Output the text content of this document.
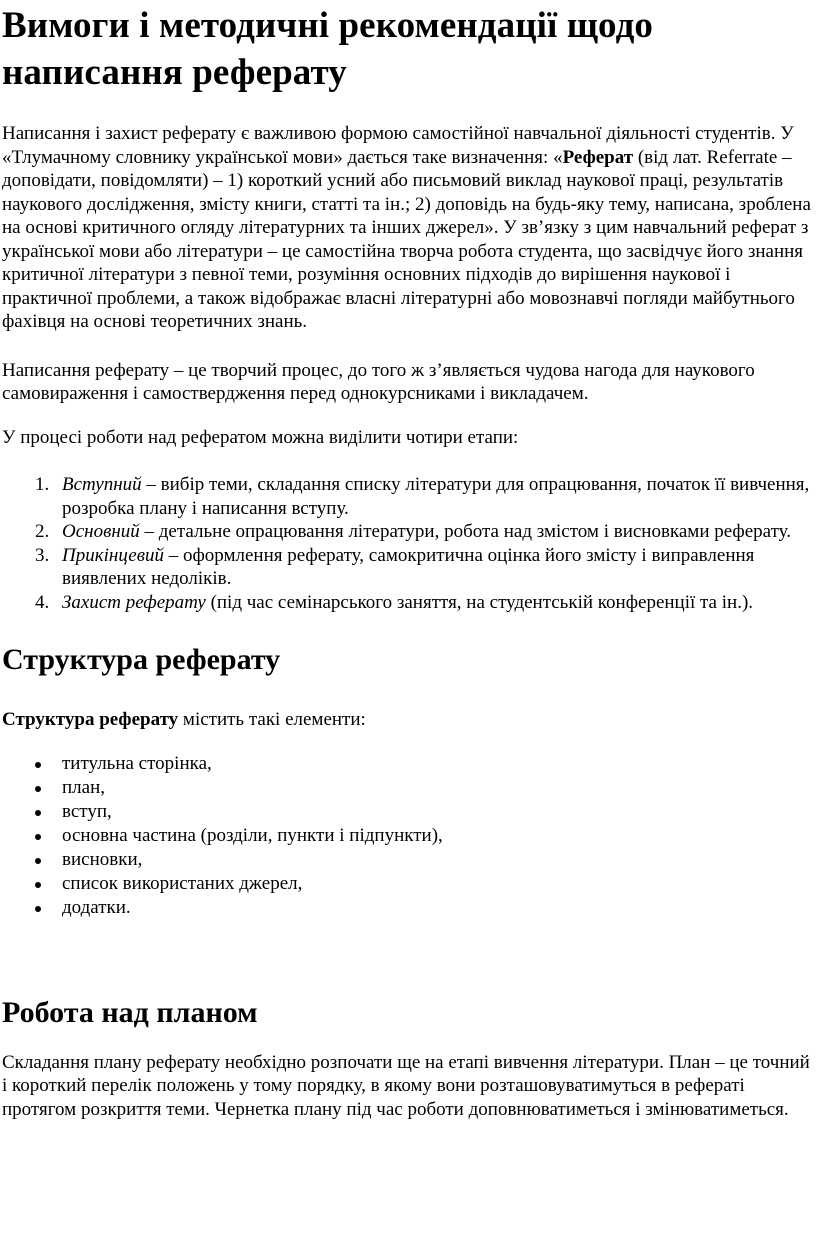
Вимоги і методичні рекомендації щодо написання реферату

Написання і захист реферату є важливою формою самостійної навчальної діяльності студентів. У «Тлумачному словнику української мови» дається таке визначення: «Реферат (від лат. Referrate – доповідати, повідомляти) – 1) короткий усний або письмовий виклад наукової праці, результатів наукового дослідження, змісту книги, статті та ін.; 2) доповідь на будь-яку тему, написана, зроблена на основі критичного огляду літературних та інших джерел». У зв’язку з цим навчальний реферат з української мови або літератури – це самостійна творча робота студента, що засвідчує його знання критичної літератури з певної теми, розуміння основних підходів до вирішення наукової і практичної проблеми, а також відображає власні літературні або мовознавчі погляди майбутнього фахівця на основі теоретичних знань.

Написання реферату – це творчий процес, до того ж з’являється чудова нагода для наукового самовираження і самоствердження перед однокурсниками і викладачем.

У процесі роботи над рефератом можна виділити чотири етапи:

1. Вступний – вибір теми, складання списку літератури для опрацювання, початок її вивчення, розробка плану і написання вступу.
2. Основний – детальне опрацювання літератури, робота над змістом і висновками реферату.
3. Прикінцевий – оформлення реферату, самокритична оцінка його змісту і виправлення виявлених недоліків.
4. Захист реферату (під час семінарського заняття, на студентській конференції та ін.).
Структура реферату

Структура реферату містить такі елементи:

титульна сторінка,
план,
вступ,
основна частина (розділи, пункти і підпункти),
висновки,
список використаних джерел,
додатки.
Робота над планом

Складання плану реферату необхідно розпочати ще на етапі вивчення літератури. План – це точний і короткий перелік положень у тому порядку, в якому вони розташовуватимуться в рефераті протягом розкриття теми. Чернетка плану під час роботи доповнюватиметься і змінюватиметься.
